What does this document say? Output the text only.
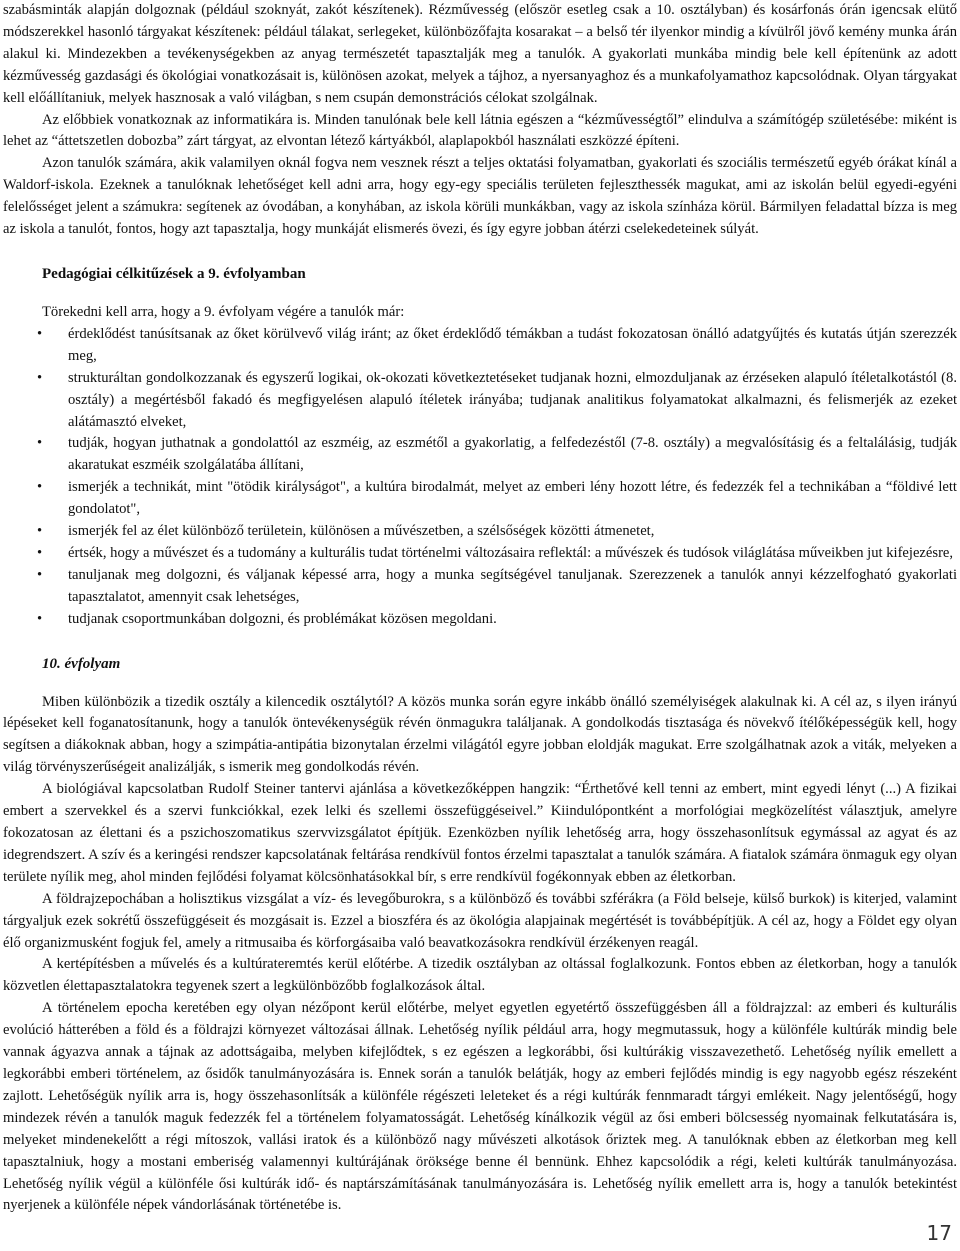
szabásminták alapján dolgoznak (például szoknyát, zakót készítenek). Rézművesség (először esetleg csak a 10. osztályban) és kosárfonás órán igencsak elütő módszerekkel hasonló tárgyakat készítenek: például tálakat, serlegeket, különbözőfajta kosarakat – a belső tér ilyenkor mindig a kívülről jövő kemény munka árán alakul ki. Mindezekben a tevékenységekben az anyag természetét tapasztalják meg a tanulók. A gyakorlati munkába mindig bele kell építenünk az adott kézművesség gazdasági és ökológiai vonatkozásait is, különösen azokat, melyek a tájhoz, a nyersanyaghoz és a munkafolyamathoz kapcsolódnak. Olyan tárgyakat kell előállítaniuk, melyek hasznosak a való világban, s nem csupán demonstrációs célokat szolgálnak.

Az előbbiek vonatkoznak az informatikára is. Minden tanulónak bele kell látnia egészen a “kézművességtől” elindulva a számítógép születésébe: miként is lehet az “áttetszetlen dobozba” zárt tárgyat, az elvontan létező kártyákból, alaplapokból használati eszközzé építeni.

Azon tanulók számára, akik valamilyen oknál fogva nem vesznek részt a teljes oktatási folyamatban, gyakorlati és szociális természetű egyéb órákat kínál a Waldorf-iskola. Ezeknek a tanulóknak lehetőséget kell adni arra, hogy egy-egy speciális területen fejleszthessék magukat, ami az iskolán belül egyedi-egyéni felelősséget jelent a számukra: segítenek az óvodában, a konyhában, az iskola körüli munkákban, vagy az iskola színháza körül. Bármilyen feladattal bízza is meg az iskola a tanulót, fontos, hogy azt tapasztalja, hogy munkáját elismerés övezi, és így egyre jobban átérzi cselekedeteinek súlyát.

Pedagógiai célkitűzések a 9. évfolyamban

Törekedni kell arra, hogy a 9. évfolyam végére a tanulók már:

• érdeklődést tanúsítsanak az őket körülvevő világ iránt; az őket érdeklődő témákban a tudást fokozatosan önálló adatgyűjtés és kutatás útján szerezzék meg,
• strukturáltan gondolkozzanak és egyszerű logikai, ok-okozati következtetéseket tudjanak hozni, elmozduljanak az érzéseken alapuló ítéletalkotástól (8. osztály) a megértésből fakadó és megfigyelésen alapuló ítéletek irányába; tudjanak analitikus folyamatokat alkalmazni, és felismerjék az ezeket alátámasztó elveket,
• tudják, hogyan juthatnak a gondolattól az eszméig, az eszmétől a gyakorlatig, a felfedezéstől (7-8. osztály) a megvalósításig és a feltalálásig, tudják akaratukat eszméik szolgálatába állítani,
• ismerjék a technikát, mint "ötödik királyságot", a kultúra birodalmát, melyet az emberi lény hozott létre, és fedezzék fel a technikában a “földivé lett gondolatot",
• ismerjék fel az élet különböző területein, különösen a művészetben, a szélsőségek közötti átmenetet,
• értsék, hogy a művészet és a tudomány a kulturális tudat történelmi változásaira reflektál: a művészek és tudósok világlátása műveikben jut kifejezésre,
• tanuljanak meg dolgozni, és váljanak képessé arra, hogy a munka segítségével tanuljanak. Szerezzenek a tanulók annyi kézzelfogható gyakorlati tapasztalatot, amennyit csak lehetséges,
• tudjanak csoportmunkában dolgozni, és problémákat közösen megoldani.
10. évfolyam

Miben különbözik a tizedik osztály a kilencedik osztálytól? A közös munka során egyre inkább önálló személyiségek alakulnak ki. A cél az, s ilyen irányú lépéseket kell foganatosítanunk, hogy a tanulók öntevékenységük révén önmagukra találjanak. A gondolkodás tisztasága és növekvő ítélőképességük kell, hogy segítsen a diákoknak abban, hogy a szimpátia-antipátia bizonytalan érzelmi világától egyre jobban eloldják magukat. Erre szolgálhatnak azok a viták, melyeken a világ törvényszerűségeit analizálják, s ismerik meg gondolkodás révén.

A biológiával kapcsolatban Rudolf Steiner tantervi ajánlása a következőképpen hangzik: “Érthetővé kell tenni az embert, mint egyedi lényt (...) A fizikai embert a szervekkel és a szervi funkciókkal, ezek lelki és szellemi összefüggéseivel.” Kiindulópontként a morfológiai megközelítést választjuk, amelyre fokozatosan az élettani és a pszichoszomatikus szervvizsgálatot építjük. Ezenközben nyílik lehetőség arra, hogy összehasonlítsuk egymással az agyat és az idegrendszert. A szív és a keringési rendszer kapcsolatának feltárása rendkívül fontos érzelmi tapasztalat a tanulók számára. A fiatalok számára önmaguk egy olyan területe nyílik meg, ahol minden fejlődési folyamat kölcsönhatásokkal bír, s erre rendkívül fogékonnyak ebben az életkorban.

A földrajzepochában a holisztikus vizsgálat a víz- és levegőburokra, s a különböző és további szférákra (a Föld belseje, külső burkok) is kiterjed, valamint tárgyaljuk ezek sokrétű összefüggéseit és mozgásait is. Ezzel a bioszféra és az ökológia alapjainak megértését is továbbépítjük. A cél az, hogy a Földet egy olyan élő organizmusként fogjuk fel, amely a ritmusaiba és körforgásaiba való beavatkozásokra rendkívül érzékenyen reagál.

A kertépítésben a művelés és a kultúrateremtés kerül előtérbe. A tizedik osztályban az oltással foglalkozunk. Fontos ebben az életkorban, hogy a tanulók közvetlen élettapasztalatokra tegyenek szert a legkülönbözőbb foglalkozások által.

A történelem epocha keretében egy olyan nézőpont kerül előtérbe, melyet egyetlen egyetértő összefüggésben áll a földrajzzal: az emberi és kulturális evolúció hátterében a föld és a földrajzi környezet változásai állnak. Lehetőség nyílik például arra, hogy megmutassuk, hogy a különféle kultúrák mindig bele vannak ágyazva annak a tájnak az adottságaiba, melyben kifejlődtek, s ez egészen a legkorábbi, ősi kultúrákig visszavezethető. Lehetőség nyílik emellett a legkorábbi emberi történelem, az ősidők tanulmányozására is. Ennek során a tanulók belátják, hogy az emberi fejlődés mindig is egy nagyobb egész részeként zajlott. Lehetőségük nyílik arra is, hogy összehasonlítsák a különféle régészeti leleteket és a régi kultúrák fennmaradt tárgyi emlékeit. Nagy jelentőségű, hogy mindezek révén a tanulók maguk fedezzék fel a történelem folyamatosságát. Lehetőség kínálkozik végül az ősi emberi bölcsesség nyomainak felkutatására is, melyeket mindenekelőtt a régi mítoszok, vallási iratok és a különböző nagy művészeti alkotások őriztek meg. A tanulóknak ebben az életkorban meg kell tapasztalniuk, hogy a mostani emberiség valamennyi kultúrájának öröksége benne él bennünk. Ehhez kapcsolódik a régi, keleti kultúrák tanulmányozása. Lehetőség nyílik végül a különféle ősi kultúrák idő- és naptárszámításának tanulmányozására is. Lehetőség nyílik emellett arra is, hogy a tanulók betekintést nyerjenek a különféle népek vándorlásának történetébe is.

17
